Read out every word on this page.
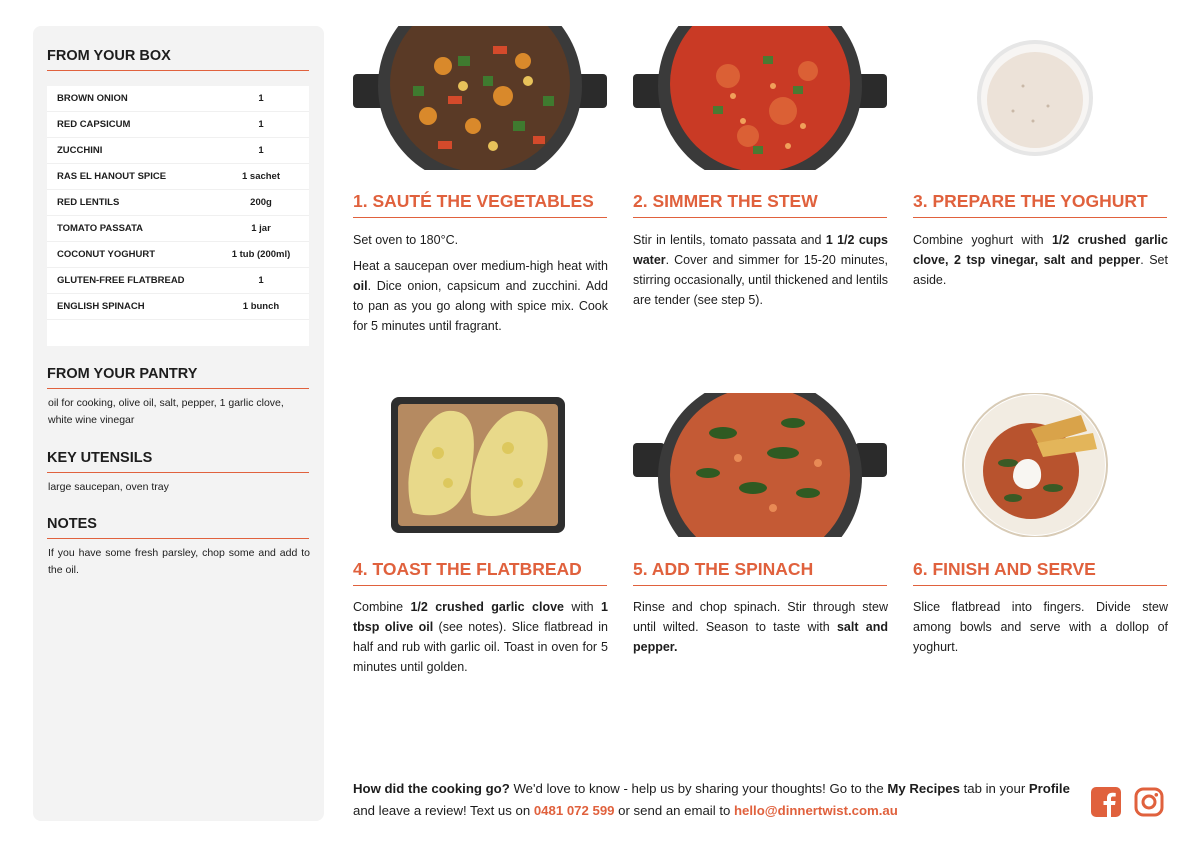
FROM YOUR BOX
BROWN ONION	1
RED CAPSICUM	1
ZUCCHINI	1
RAS EL HANOUT SPICE	1 sachet
RED LENTILS	200g
TOMATO PASSATA	1 jar
COCONUT YOGHURT	1 tub (200ml)
GLUTEN-FREE FLATBREAD	1
ENGLISH SPINACH	1 bunch
FROM YOUR PANTRY
oil for cooking, olive oil, salt, pepper, 1 garlic clove, white wine vinegar
KEY UTENSILS
large saucepan, oven tray
NOTES
If you have some fresh parsley, chop some and add to the oil.
1. SAUTÉ THE VEGETABLES	2. SIMMER THE STEW	3. PREPARE THE YOGHURT
4. TOAST THE FLATBREAD	5. ADD THE SPINACH	6. FINISH AND SERVE

Set oven to 180°C.

Heat a saucepan over medium-high heat with oil. Dice onion, capsicum and zucchini. Add to pan as you go along with spice mix. Cook for 5 minutes until fragrant.

Stir in lentils, tomato passata and 1 1/2 cups water. Cover and simmer for 15-20 minutes, stirring occasionally, until thickened and lentils are tender (see step 5).

Combine yoghurt with 1/2 crushed garlic clove, 2 tsp vinegar, salt and pepper. Set aside.

Combine 1/2 crushed garlic clove with 1 tbsp olive oil (see notes). Slice flatbread in half and rub with garlic oil. Toast in oven for 5 minutes until golden.

Rinse and chop spinach. Stir through stew until wilted. Season to taste with salt and pepper.

Slice flatbread into fingers. Divide stew among bowls and serve with a dollop of yoghurt.

How did the cooking go? We'd love to know - help us by sharing your thoughts! Go to the My Recipes tab in your Profile and leave a review! Text us on 0481 072 599 or send an email to hello@dinnertwist.com.au
